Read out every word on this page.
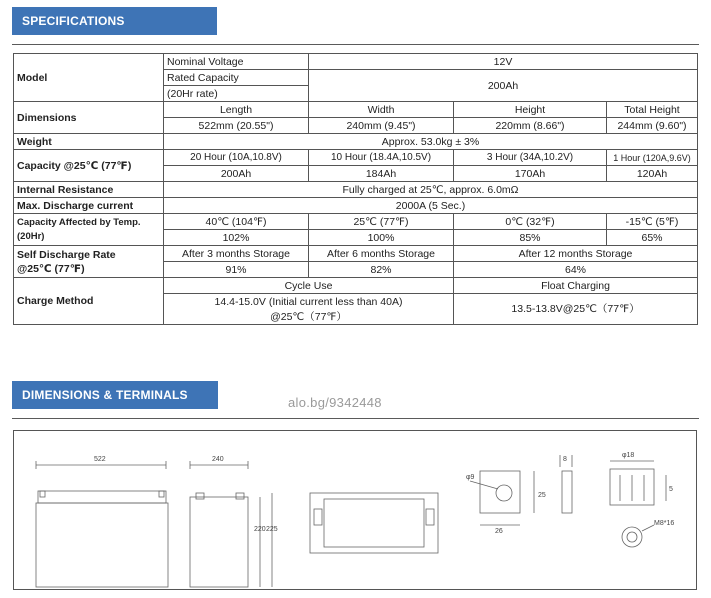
SPECIFICATIONS
Model	Nominal Voltage	12V		
	Rated Capacity	200Ah		
	(20Hr rate)			
Dimensions	Length	Width	Height	Total Height
	522mm (20.55")	240mm (9.45")	220mm (8.66")	244mm (9.60")
Weight	Approx. 53.0kg ± 3%			
Capacity @25℃ (77℉)	20 Hour (10A,10.8V)	10 Hour (18.4A,10.5V)	3 Hour (34A,10.2V)	1 Hour (120A,9.6V)
	200Ah	184Ah	170Ah	120Ah
Internal Resistance	Fully charged at 25℃, approx. 6.0mΩ			
Max. Discharge current	2000A (5 Sec.)			

Capacity Affected by Temp.
(20Hr)	40℃ (104℉)	25℃ (77℉)	0℃ (32℉)	-15℃ (5℉)
	102%	100%	85%	65%

Self Discharge Rate
@25℃ (77℉)	After 3 months Storage	After 6 months Storage	After 12 months Storage	
	91%	82%	64%	
Charge Method	Cycle Use		Float Charging	
	14.4-15.0V (Initial current less than 40A)		13.5-13.8V@25℃（77℉）	
	@25℃（77℉）			
DIMENSIONS & TERMINALS	alo.bg/9342448
522	240
220 225
φ9
26
25
8
φ18
5
M8*16
